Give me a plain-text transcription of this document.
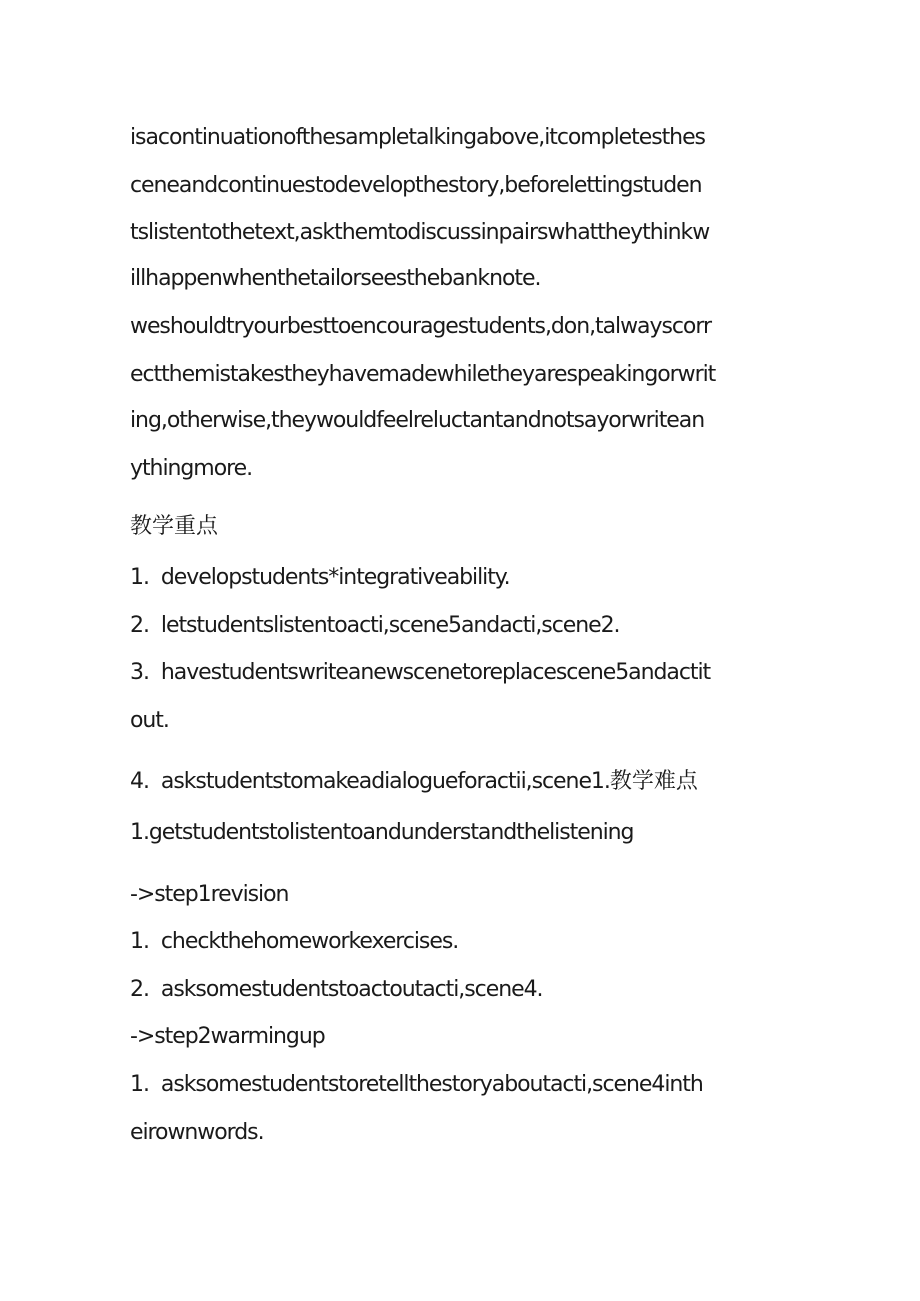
isacontinuationofthesampletalkingabove,itcompletesthes
ceneandcontinuestodevelopthestory,beforelettingstuden
tslistentothetext,askthemtodiscussinpairswhattheythinkw
illhappenwhenthetailorseesthebanknote.
weshouldtryourbesttoencouragestudents,don,talwayscorr
ectthemistakestheyhavemadewhiletheyarespeakingorwrit
ing,otherwise,theywouldfeelreluctantandnotsayorwritean
ythingmore.
教学重点
1. developstudents*integrativeability.
2. letstudentslistentoacti,scene5andacti,scene2.
3. havestudentswriteanewscenetoreplacescene5andactit
out.
4. askstudentstomakeadialogueforactii,scene1.教学难点
1.getstudentstolistentoandunderstandthelistening
->step1revision
1. checkthehomeworkexercises.
2. asksomestudentstoactoutacti,scene4.
->step2warmingup
1. asksomestudentstoretellthestoryaboutacti,scene4inth
eirownwords.
